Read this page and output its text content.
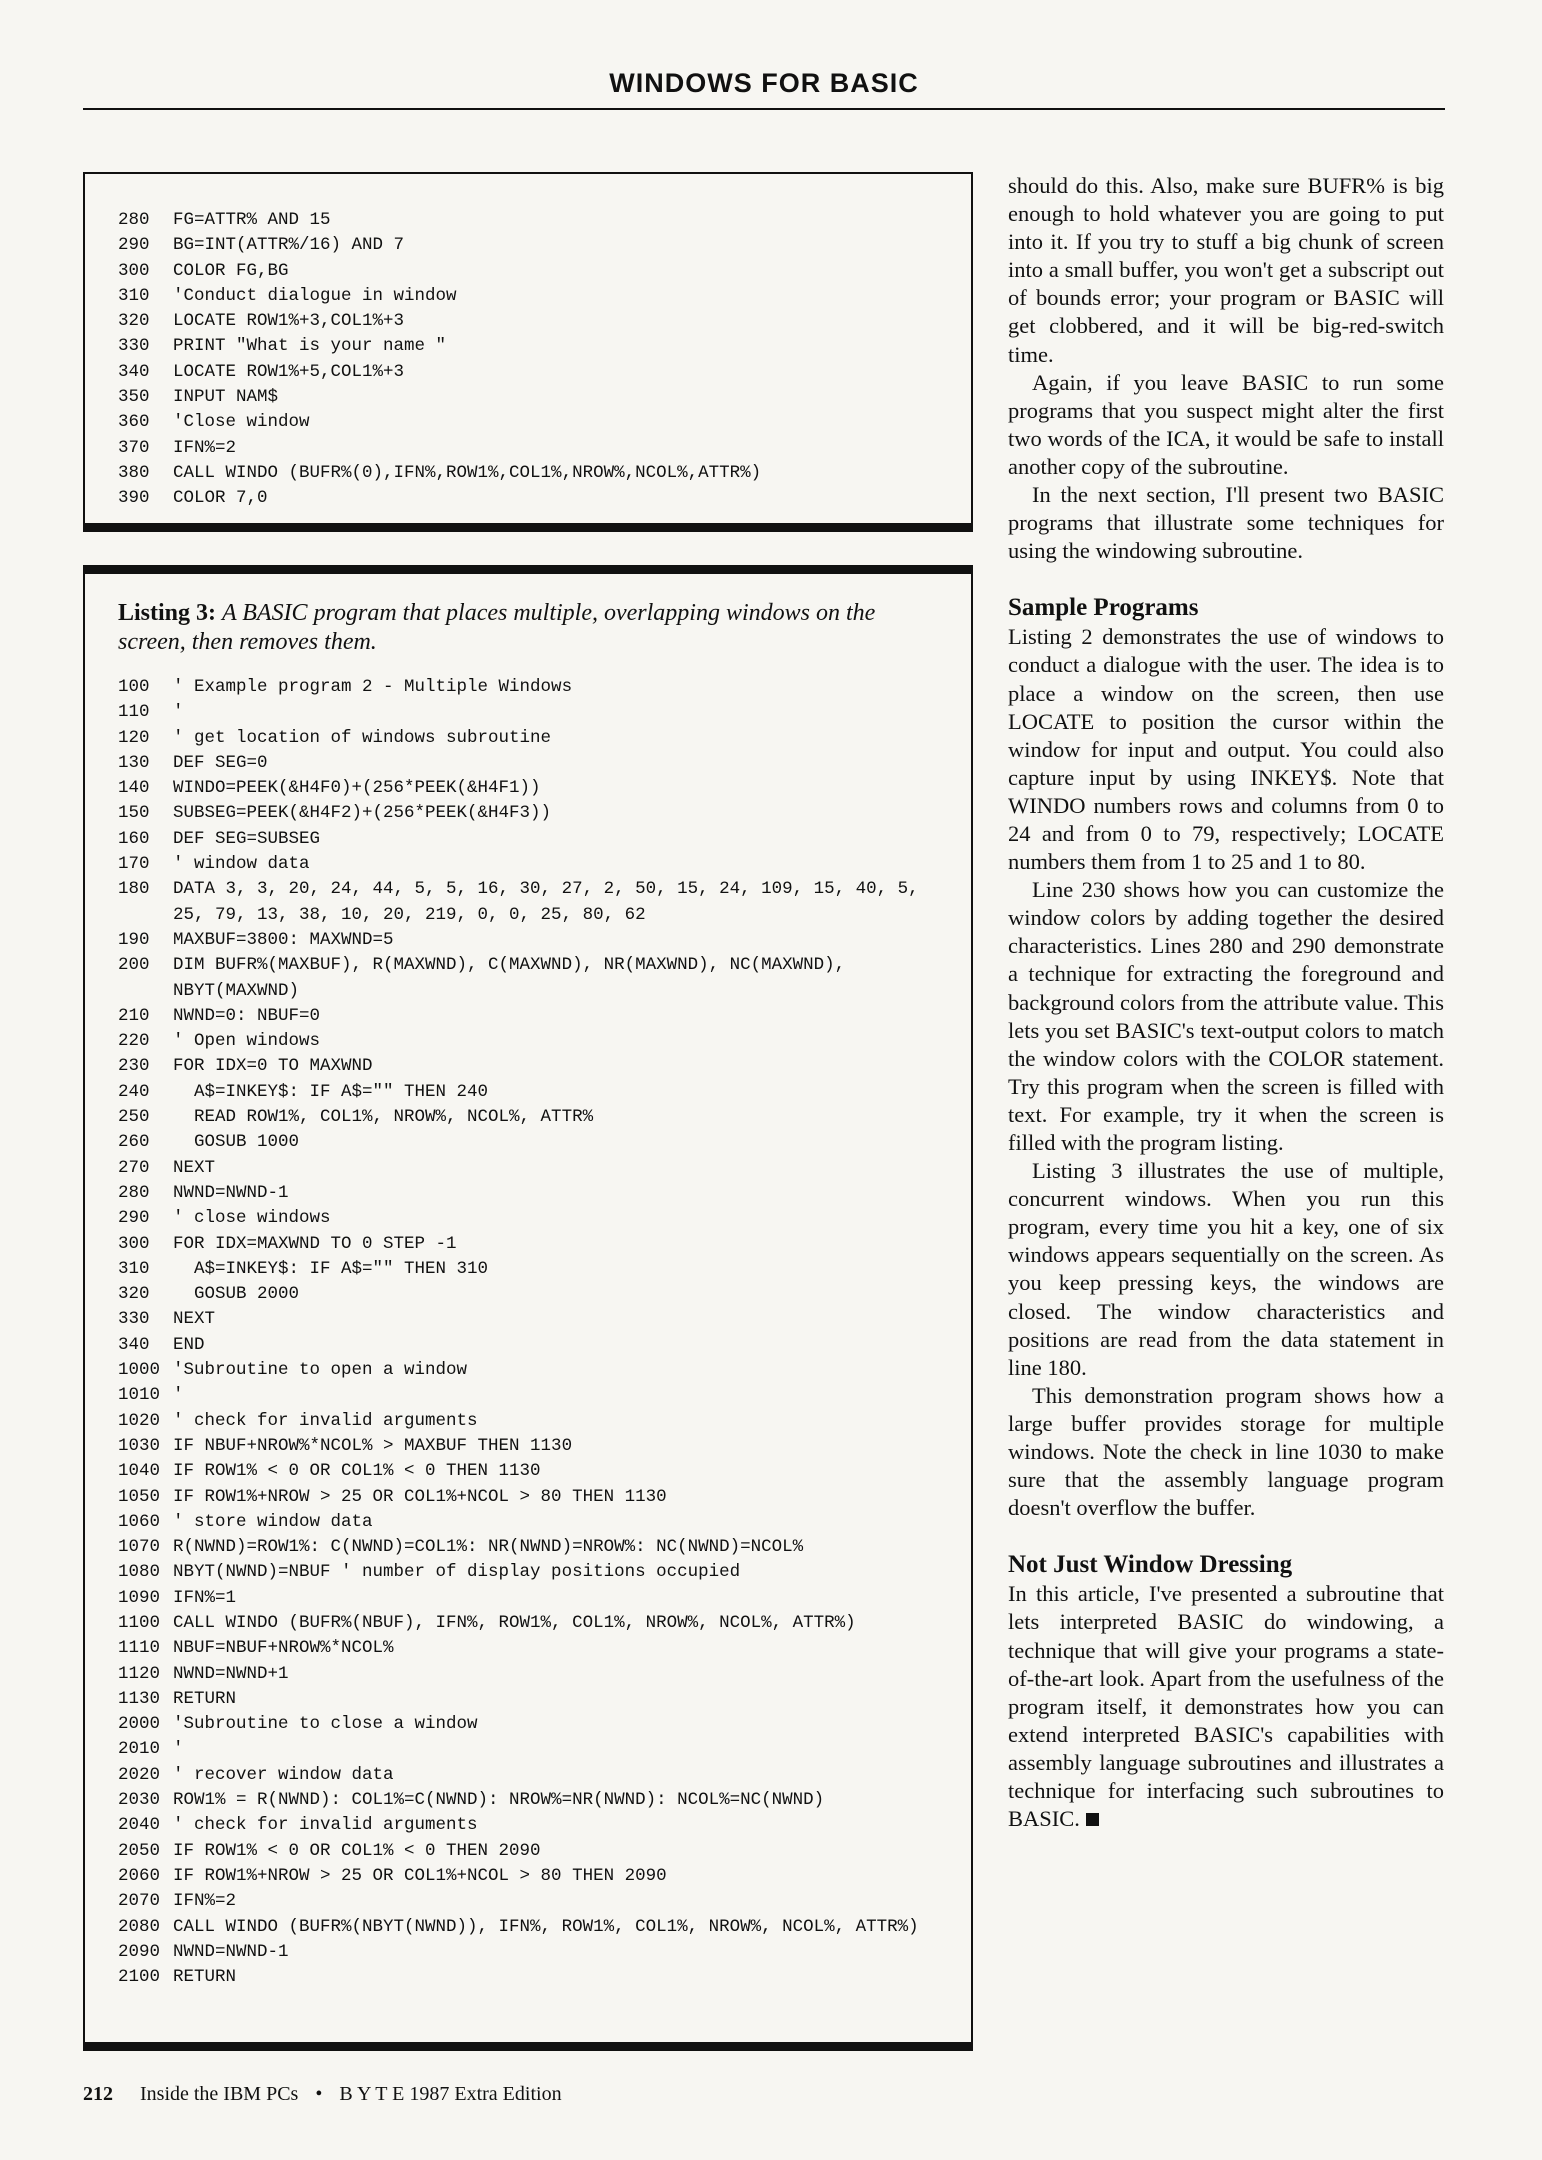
WINDOWS FOR BASIC
280 FG=ATTR% AND 15
290 BG=INT(ATTR%/16) AND 7
300 COLOR FG,BG
310 'Conduct dialogue in window
320 LOCATE ROW1%+3,COL1%+3
330 PRINT "What is your name "
340 LOCATE ROW1%+5,COL1%+3
350 INPUT NAM$
360 'Close window
370 IFN%=2
380 CALL WINDO (BUFR%(0),IFN%,ROW1%,COL1%,NROW%,NCOL%,ATTR%)
390 COLOR 7,0
Listing 3: A BASIC program that places multiple, overlapping windows on the screen, then removes them.
100 ' Example program 2 - Multiple Windows
110 '
120 ' get location of windows subroutine
130 DEF SEG=0
140 WINDO=PEEK(&H4F0)+(256*PEEK(&H4F1))
150 SUBSEG=PEEK(&H4F2)+(256*PEEK(&H4F3))
160 DEF SEG=SUBSEG
170 ' window data
180 DATA 3, 3, 20, 24, 44, 5, 5, 16, 30, 27, 2, 50, 15, 24, 109, 15, 40, 5,
25, 79, 13, 38, 10, 20, 219, 0, 0, 25, 80, 62
190 MAXBUF=3800: MAXWND=5
200 DIM BUFR%(MAXBUF), R(MAXWND), C(MAXWND), NR(MAXWND), NC(MAXWND),
NBYT(MAXWND)
210 NWND=0: NBUF=0
220 ' Open windows
230 FOR IDX=0 TO MAXWND
240  A$=INKEY$: IF A$="" THEN 240
250  READ ROW1%, COL1%, NROW%, NCOL%, ATTR%
260  GOSUB 1000
270 NEXT
280 NWND=NWND-1
290 ' close windows
300 FOR IDX=MAXWND TO 0 STEP -1
310  A$=INKEY$: IF A$="" THEN 310
320  GOSUB 2000
330 NEXT
340 END
1000 'Subroutine to open a window
1010 '
1020 ' check for invalid arguments
1030 IF NBUF+NROW%*NCOL% > MAXBUF THEN 1130
1040 IF ROW1% < 0 OR COL1% < 0 THEN 1130
1050 IF ROW1%+NROW > 25 OR COL1%+NCOL > 80 THEN 1130
1060 ' store window data
1070 R(NWND)=ROW1%: C(NWND)=COL1%: NR(NWND)=NROW%: NC(NWND)=NCOL%
1080 NBYT(NWND)=NBUF ' number of display positions occupied
1090 IFN%=1
1100 CALL WINDO (BUFR%(NBUF), IFN%, ROW1%, COL1%, NROW%, NCOL%, ATTR%)
1110 NBUF=NBUF+NROW%*NCOL%
1120 NWND=NWND+1
1130 RETURN
2000 'Subroutine to close a window
2010 '
2020 ' recover window data
2030 ROW1% = R(NWND): COL1%=C(NWND): NROW%=NR(NWND): NCOL%=NC(NWND)
2040 ' check for invalid arguments
2050 IF ROW1% < 0 OR COL1% < 0 THEN 2090
2060 IF ROW1%+NROW > 25 OR COL1%+NCOL > 80 THEN 2090
2070 IFN%=2
2080 CALL WINDO (BUFR%(NBYT(NWND)), IFN%, ROW1%, COL1%, NROW%, NCOL%, ATTR%)
2090 NWND=NWND-1
2100 RETURN

should do this. Also, make sure BUFR% is big enough to hold whatever you are going to put into it. If you try to stuff a big chunk of screen into a small buffer, you won't get a subscript out of bounds error; your program or BASIC will get clobbered, and it will be big-red-switch time.

Again, if you leave BASIC to run some programs that you suspect might alter the first two words of the ICA, it would be safe to install another copy of the subroutine.

In the next section, I'll present two BASIC programs that illustrate some techniques for using the windowing subroutine.

Sample Programs

Listing 2 demonstrates the use of windows to conduct a dialogue with the user. The idea is to place a window on the screen, then use LOCATE to position the cursor within the window for input and output. You could also capture input by using INKEY$. Note that WINDO numbers rows and columns from 0 to 24 and from 0 to 79, respectively; LOCATE numbers them from 1 to 25 and 1 to 80.

Line 230 shows how you can customize the window colors by adding together the desired characteristics. Lines 280 and 290 demonstrate a technique for extracting the foreground and background colors from the attribute value. This lets you set BASIC's text-output colors to match the window colors with the COLOR statement. Try this program when the screen is filled with text. For example, try it when the screen is filled with the program listing.

Listing 3 illustrates the use of multiple, concurrent windows. When you run this program, every time you hit a key, one of six windows appears sequentially on the screen. As you keep pressing keys, the windows are closed. The window characteristics and positions are read from the data statement in line 180.

This demonstration program shows how a large buffer provides storage for multiple windows. Note the check in line 1030 to make sure that the assembly language program doesn't overflow the buffer.

Not Just Window Dressing

In this article, I've presented a subroutine that lets interpreted BASIC do windowing, a technique that will give your programs a state-of-the-art look. Apart from the usefulness of the program itself, it demonstrates how you can extend interpreted BASIC's capabilities with assembly language subroutines and illustrates a technique for interfacing such subroutines to BASIC.

212 Inside the IBM PCs • B Y T E 1987 Extra Edition
